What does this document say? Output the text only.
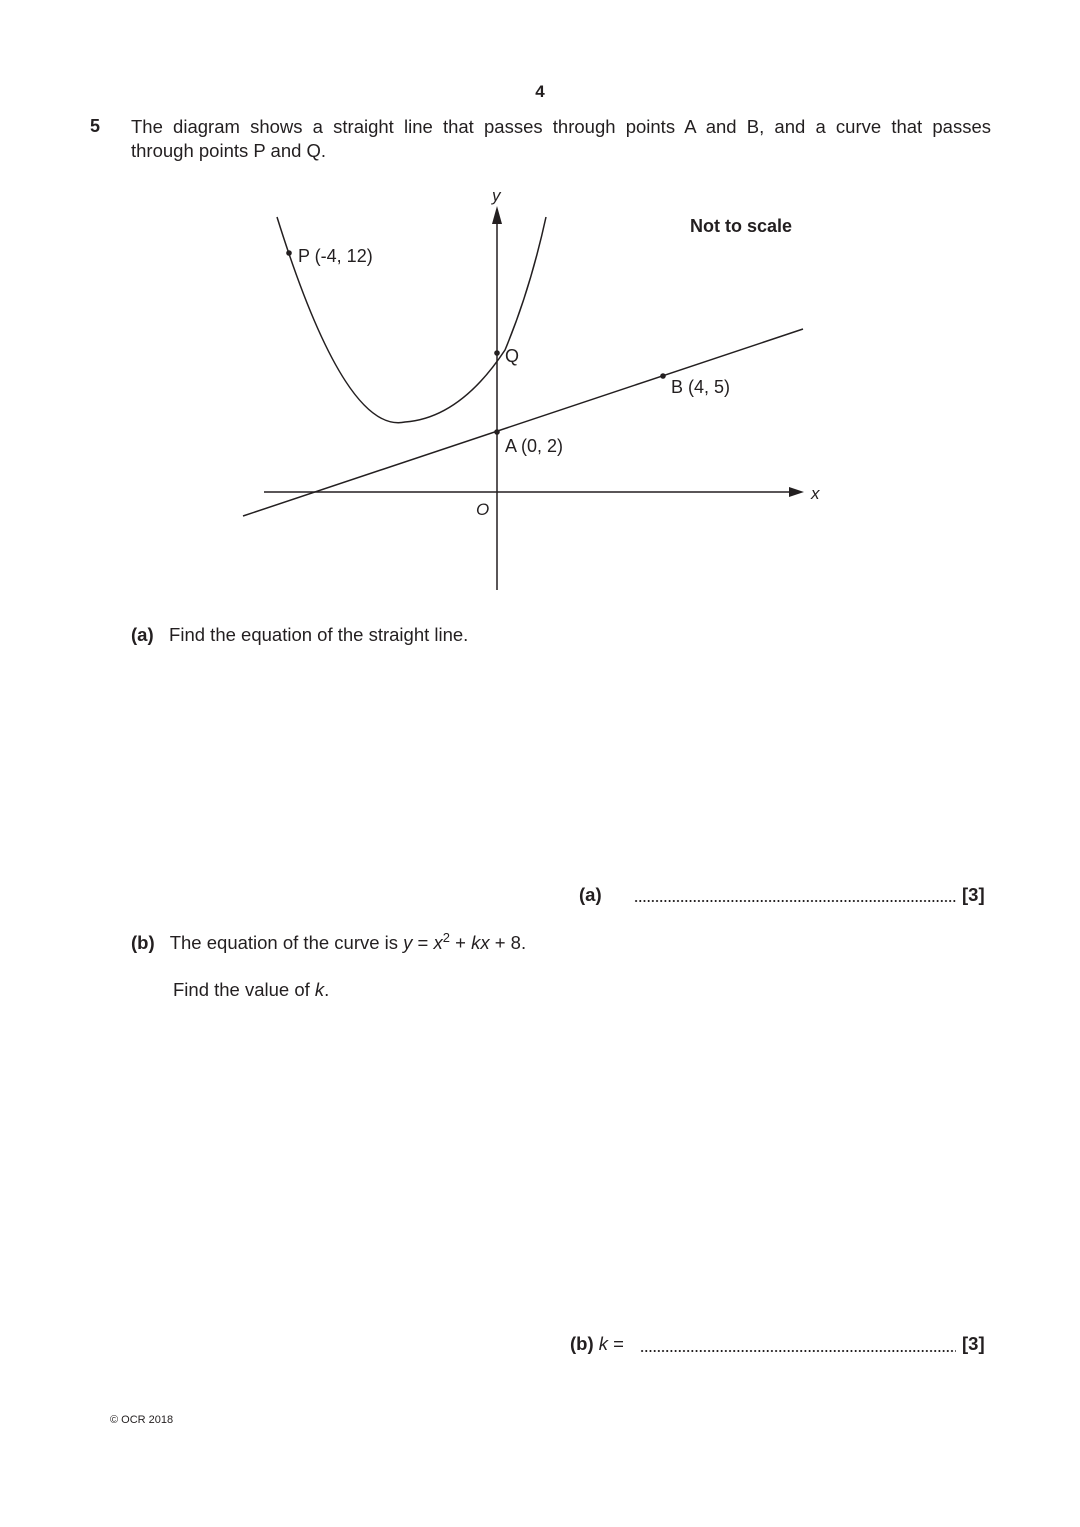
4
5 The diagram shows a straight line that passes through points A and B, and a curve that passes
through points P and Q.
x
y
O
P (-4, 12)
Q
A (0, 2)
B (4, 5)
Not to scale
(a) Find the equation of the straight line.
(a)	[3]
(b) The equation of the curve is $y = x^2$ + kx + 8.
Find the value of k.
(b) k =	[3]
© OCR 2018
